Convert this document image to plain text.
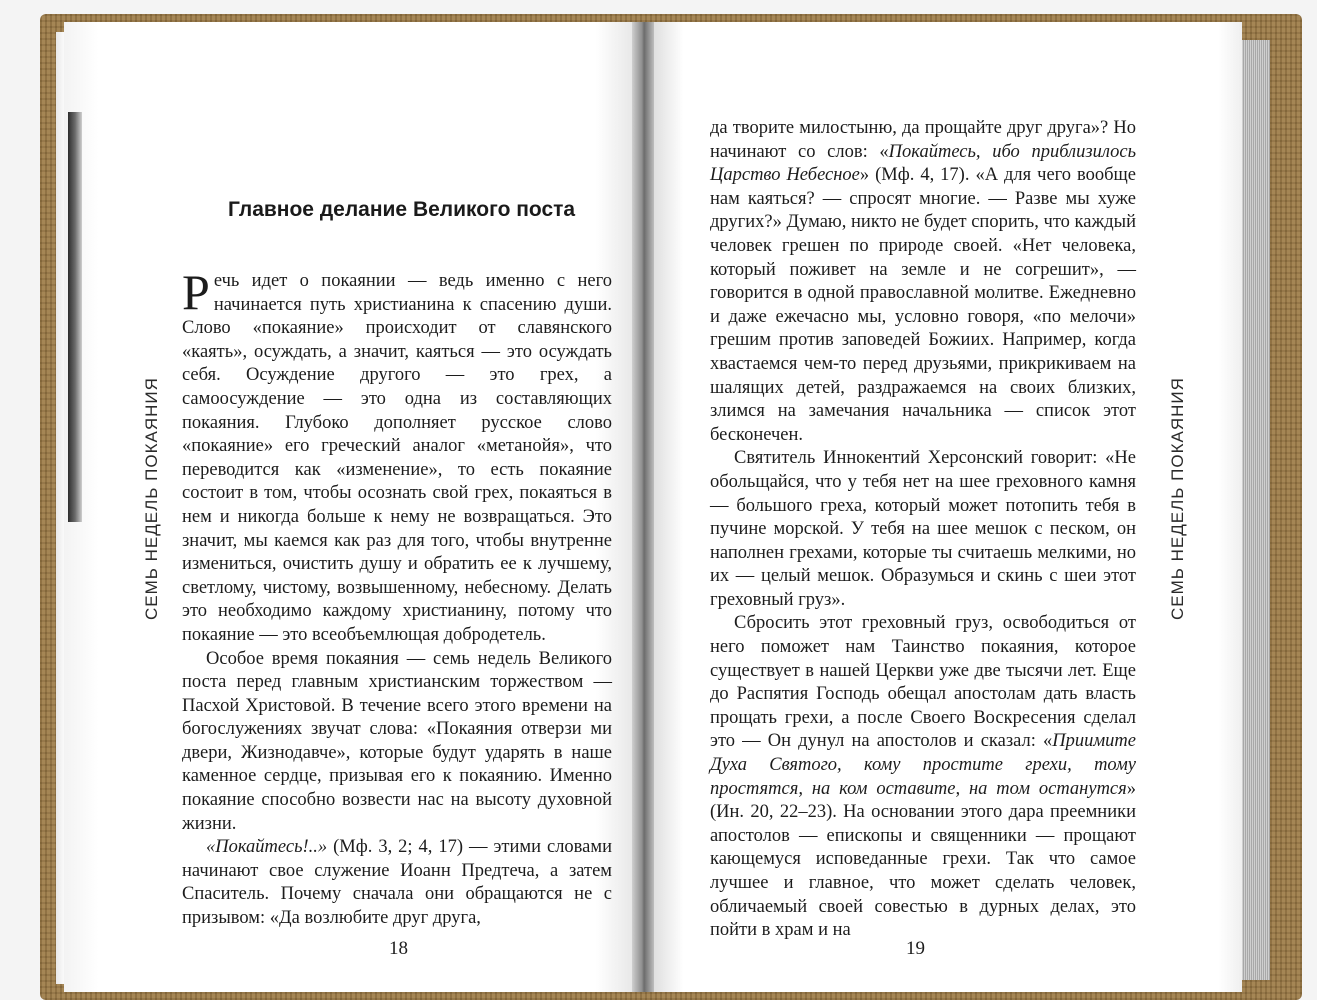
СЕМЬ НЕДЕЛЬ ПОКАЯНИЯ
Главное делание Великого поста

Речь идет о покаянии — ведь именно с него начинается путь христианина к спасению души. Слово «покаяние» происходит от славянского «каять», осуждать, а значит, каяться — это осуждать себя. Осуждение другого — это грех, а самоосуждение — это одна из составляющих покаяния. Глубоко дополняет русское слово «покаяние» его греческий аналог «метанойя», что переводится как «изменение», то есть покаяние состоит в том, чтобы осознать свой грех, покаяться в нем и никогда больше к нему не возвращаться. Это значит, мы каемся как раз для того, чтобы внутренне измениться, очистить душу и обратить ее к лучшему, светлому, чистому, возвышенному, небесному. Делать это необходимо каждому христианину, потому что покаяние — это всеобъемлющая добродетель.

Особое время покаяния — семь недель Великого поста перед главным христианским торжеством — Пасхой Христовой. В течение всего этого времени на богослужениях звучат слова: «Покаяния отверзи ми двери, Жизнодавче», которые будут ударять в наше каменное сердце, призывая его к покаянию. Именно покаяние способно возвести нас на высоту духовной жизни.

«Покайтесь!..» (Мф. 3, 2; 4, 17) — этими словами начинают свое служение Иоанн Предтеча, а затем Спаситель. Почему сначала они обращаются не с призывом: «Да возлюбите друг друга,

18

да творите милостыню, да прощайте друг друга»? Но начинают со слов: «Покайтесь, ибо приблизилось Царство Небесное» (Мф. 4, 17). «А для чего вообще нам каяться? — спросят многие. — Разве мы хуже других?» Думаю, никто не будет спорить, что каждый человек грешен по природе своей. «Нет человека, который поживет на земле и не согрешит», — говорится в одной православной молитве. Ежедневно и даже ежечасно мы, условно говоря, «по мелочи» грешим против заповедей Божиих. Например, когда хвастаемся чем-то перед друзьями, прикрикиваем на шалящих детей, раздражаемся на своих близких, злимся на замечания начальника — список этот бесконечен.

Святитель Иннокентий Херсонский говорит: «Не обольщайся, что у тебя нет на шее греховного камня — большого греха, который может потопить тебя в пучине морской. У тебя на шее мешок с песком, он наполнен грехами, которые ты считаешь мелкими, но их — целый мешок. Образумься и скинь с шеи этот греховный груз».

Сбросить этот греховный груз, освободиться от него поможет нам Таинство покаяния, которое существует в нашей Церкви уже две тысячи лет. Еще до Распятия Господь обещал апостолам дать власть прощать грехи, а после Своего Воскресения сделал это — Он дунул на апостолов и сказал: «Приимите Духа Святого, кому простите грехи, тому простятся, на ком оставите, на том останутся» (Ин. 20, 22–23). На основании этого дара преемники апостолов — епископы и священники — прощают кающемуся исповеданные грехи. Так что самое лучшее и главное, что может сделать человек, обличаемый своей совестью в дурных делах, это пойти в храм и на

СЕМЬ НЕДЕЛЬ ПОКАЯНИЯ
19
